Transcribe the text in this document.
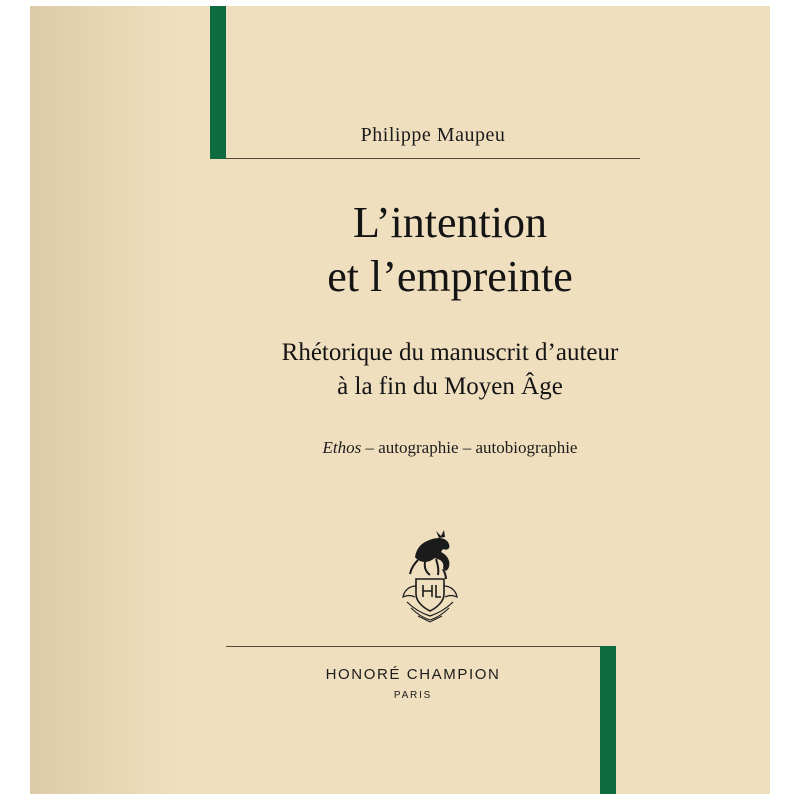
Philippe Maupeu
L’intention
et l’empreinte
Rhétorique du manuscrit d’auteur
à la fin du Moyen Âge
Ethos – autographie – autobiographie
HONORÉ CHAMPION
PARIS
